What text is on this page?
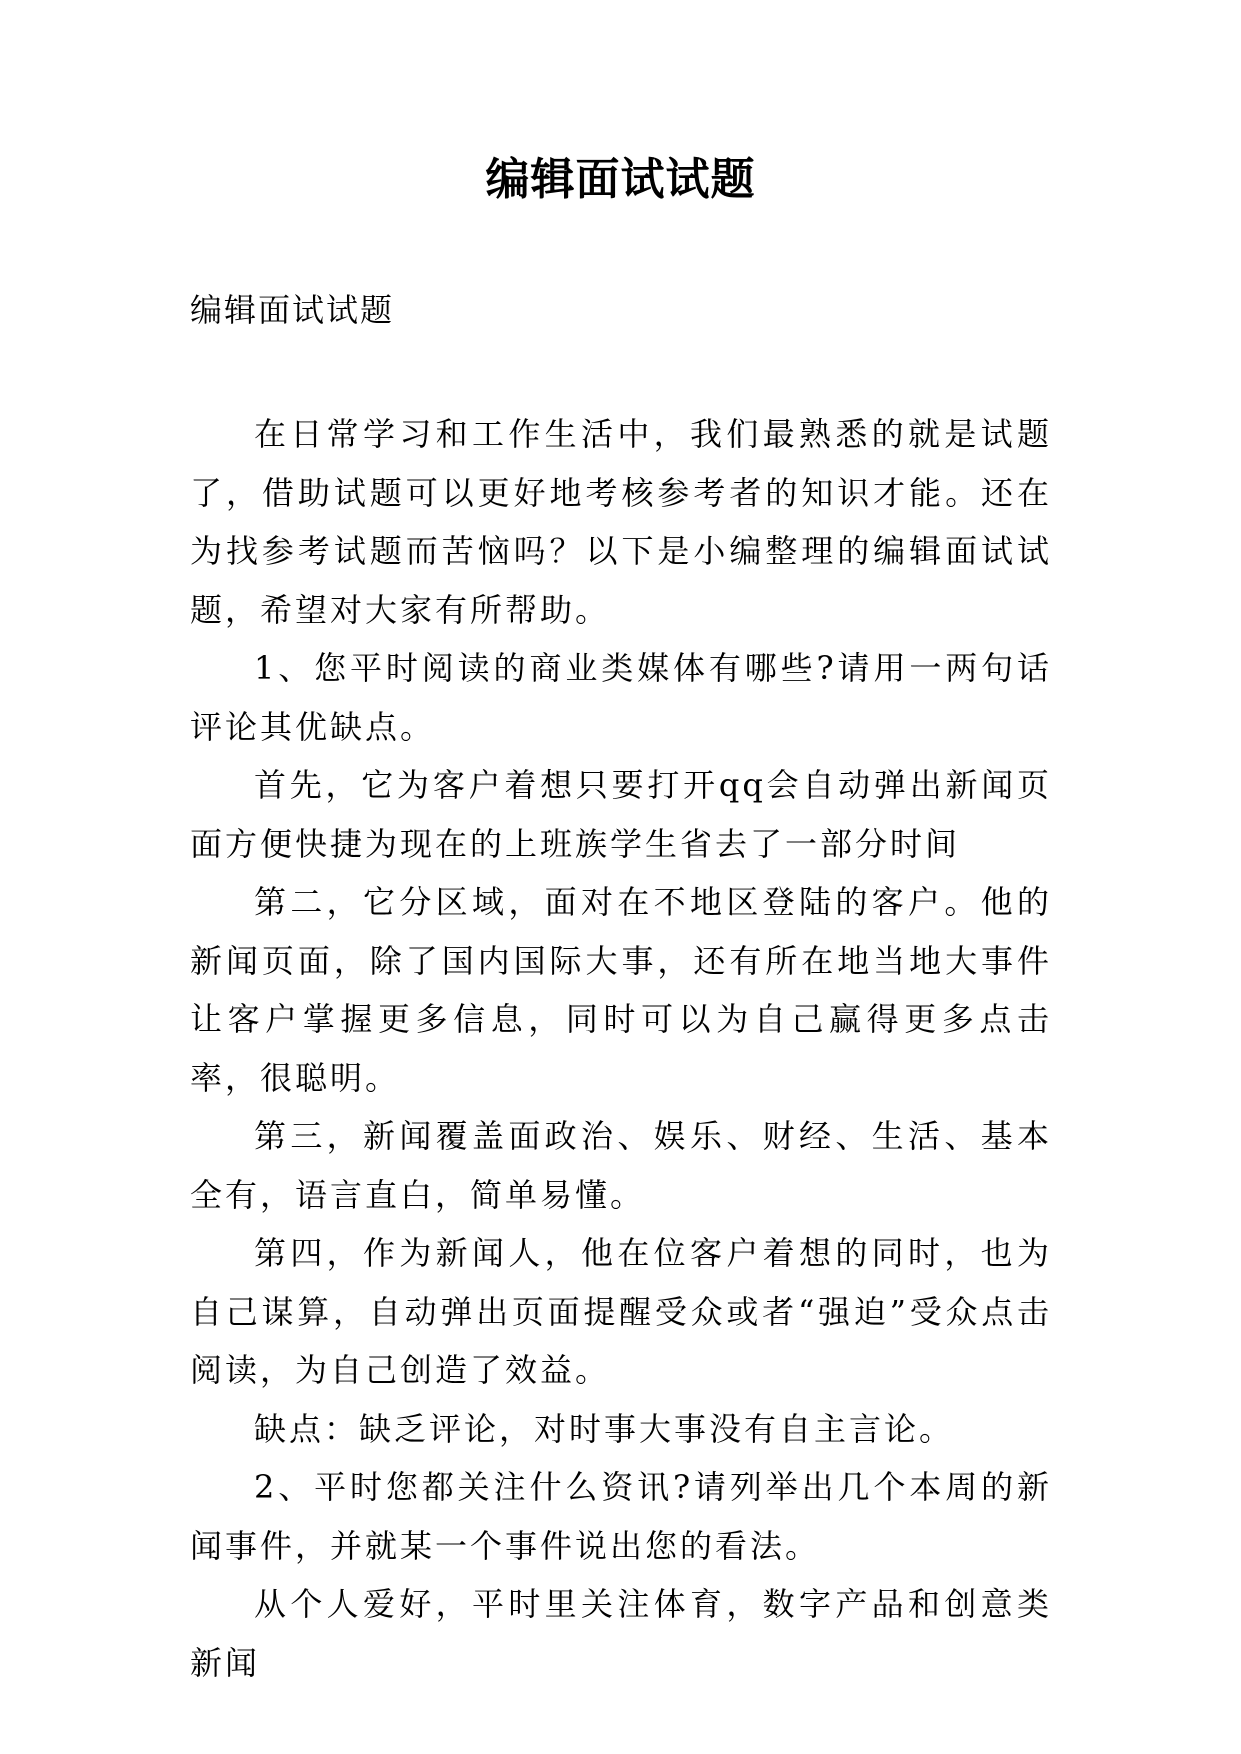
编辑面试试题
编辑面试试题

在日常学习和工作生活中，我们最熟悉的就是试题了，借助试题可以更好地考核参考者的知识才能。还在为找参考试题而苦恼吗？以下是小编整理的编辑面试试题，希望对大家有所帮助。

1、您平时阅读的商业类媒体有哪些?请用一两句话评论其优缺点。

首先，它为客户着想只要打开qq会自动弹出新闻页面方便快捷为现在的上班族学生省去了一部分时间

第二，它分区域，面对在不地区登陆的客户。他的新闻页面，除了国内国际大事，还有所在地当地大事件让客户掌握更多信息，同时可以为自己赢得更多点击率，很聪明。

第三，新闻覆盖面政治、娱乐、财经、生活、基本全有，语言直白，简单易懂。

第四，作为新闻人，他在位客户着想的同时，也为自己谋算，自动弹出页面提醒受众或者“强迫”受众点击阅读，为自己创造了效益。

缺点：缺乏评论，对时事大事没有自主言论。

2、平时您都关注什么资讯?请列举出几个本周的新闻事件，并就某一个事件说出您的看法。

从个人爱好，平时里关注体育，数字产品和创意类新闻
